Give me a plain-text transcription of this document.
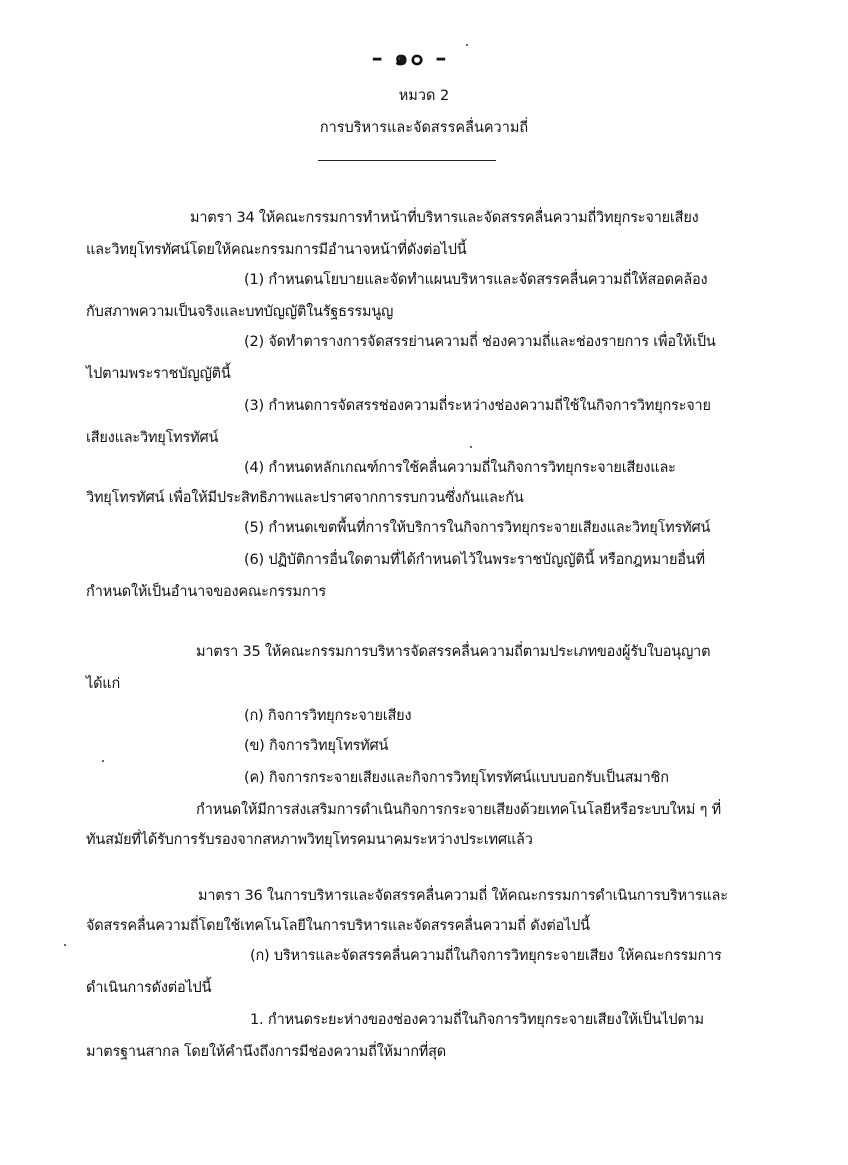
– ๑๐ –
หมวด 2
การบริหารและจัดสรรคลื่นความถี่
มาตรา 34 ให้คณะกรรมการทำหน้าที่บริหารและจัดสรรคลื่นความถี่วิทยุกระจายเสียง
และวิทยุโทรทัศน์โดยให้คณะกรรมการมีอำนาจหน้าที่ดังต่อไปนี้
(1) กำหนดนโยบายและจัดทำแผนบริหารและจัดสรรคลื่นความถี่ให้สอดคล้อง
กับสภาพความเป็นจริงและบทบัญญัติในรัฐธรรมนูญ
(2) จัดทำตารางการจัดสรรย่านความถี่ ช่องความถี่และช่องรายการ เพื่อให้เป็น
ไปตามพระราชบัญญัตินี้
(3) กำหนดการจัดสรรช่องความถี่ระหว่างช่องความถี่ใช้ในกิจการวิทยุกระจาย
เสียงและวิทยุโทรทัศน์
(4) กำหนดหลักเกณฑ์การใช้คลื่นความถี่ในกิจการวิทยุกระจายเสียงและ
วิทยุโทรทัศน์ เพื่อให้มีประสิทธิภาพและปราศจากการรบกวนซึ่งกันและกัน
(5) กำหนดเขตพื้นที่การให้บริการในกิจการวิทยุกระจายเสียงและวิทยุโทรทัศน์
(6) ปฏิบัติการอื่นใดตามที่ได้กำหนดไว้ในพระราชบัญญัตินี้ หรือกฎหมายอื่นที่
กำหนดให้เป็นอำนาจของคณะกรรมการ
มาตรา 35 ให้คณะกรรมการบริหารจัดสรรคลื่นความถี่ตามประเภทของผู้รับใบอนุญาต
ได้แก่
(ก) กิจการวิทยุกระจายเสียง
(ข) กิจการวิทยุโทรทัศน์
(ค) กิจการกระจายเสียงและกิจการวิทยุโทรทัศน์แบบบอกรับเป็นสมาชิก
กำหนดให้มีการส่งเสริมการดำเนินกิจการกระจายเสียงด้วยเทคโนโลยีหรือระบบใหม่ ๆ ที่
ทันสมัยที่ได้รับการรับรองจากสหภาพวิทยุโทรคมนาคมระหว่างประเทศแล้ว
มาตรา 36 ในการบริหารและจัดสรรคลื่นความถี่ ให้คณะกรรมการดำเนินการบริหารและ
จัดสรรคลื่นความถี่โดยใช้เทคโนโลยีในการบริหารและจัดสรรคลื่นความถี่ ดังต่อไปนี้
(ก) บริหารและจัดสรรคลื่นความถี่ในกิจการวิทยุกระจายเสียง ให้คณะกรรมการ
ดำเนินการดังต่อไปนี้
1. กำหนดระยะห่างของช่องความถี่ในกิจการวิทยุกระจายเสียงให้เป็นไปตาม
มาตรฐานสากล โดยให้คำนึงถึงการมีช่องความถี่ให้มากที่สุด
